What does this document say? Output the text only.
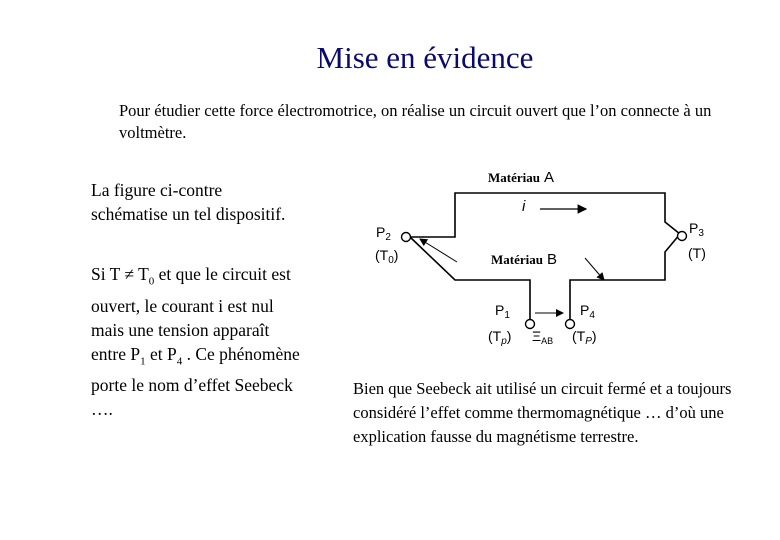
Mise en évidence
Pour étudier cette force électromotrice, on réalise un circuit ouvert que l’on connecte à un voltmètre.
La figure ci-contre schématise un tel dispositif.
Si $T \ne T_0$ et que le circuit est ouvert, le courant i est nul mais une tension apparaît entre $P_1$ et $P_4$ . Ce phénomène porte le nom d’effet Seebeck ….
Bien que Seebeck ait utilisé un circuit fermé et a toujours considéré l’effet comme thermomagnétique … d’où une explication fausse du magnétisme terrestre.
Matériau A
i
$P_2$
$(T_0)$	Matériau B
$P_3$
(T)
$P_1$	$P_4$
$(T_p)$ $\Xi_{AB}$ $(T_P)$
